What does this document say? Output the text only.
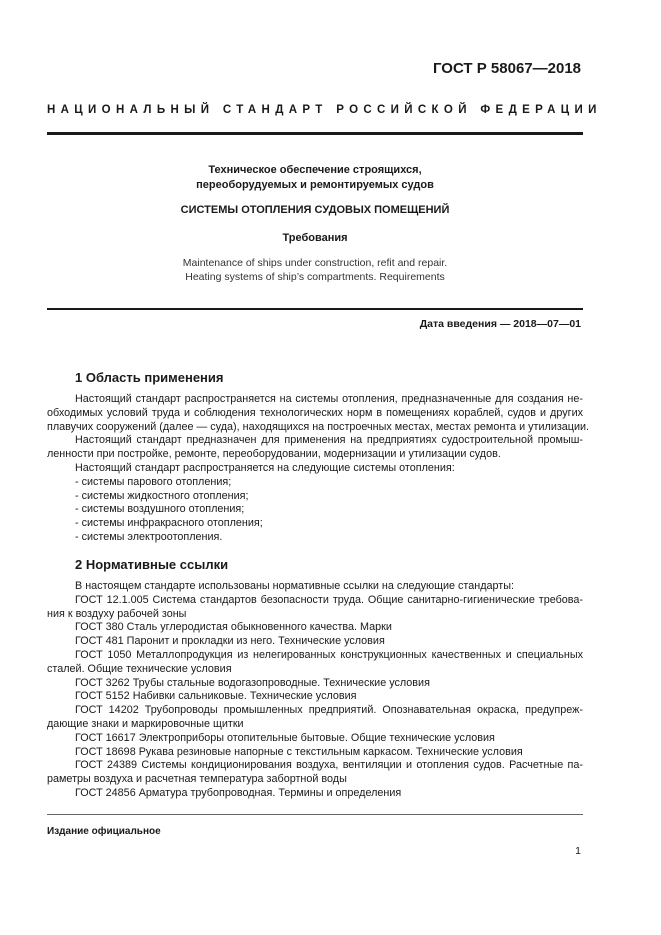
ГОСТ Р 58067—2018
НАЦИОНАЛЬНЫЙ СТАНДАРТ РОССИЙСКОЙ ФЕДЕРАЦИИ
Техническое обеспечение строящихся,
переоборудуемых и ремонтируемых судов
СИСТЕМЫ ОТОПЛЕНИЯ СУДОВЫХ ПОМЕЩЕНИЙ
Требования
Maintenance of ships under construction, refit and repair.
Heating systems of ship’s compartments. Requirements
Дата введения — 2018—07—01
1 Область применения
Настоящий стандарт распространяется на системы отопления, предназначенные для создания не-
обходимых условий труда и соблюдения технологических норм в помещениях кораблей, судов и других
плавучих сооружений (далее — суда), находящихся на построечных местах, местах ремонта и утилизации.
Настоящий стандарт предназначен для применения на предприятиях судостроительной промыш-
ленности при постройке, ремонте, переоборудовании, модернизации и утилизации судов.
Настоящий стандарт распространяется на следующие системы отопления:
- системы парового отопления;
- системы жидкостного отопления;
- системы воздушного отопления;
- системы инфракрасного отопления;
- системы электроотопления.
2 Нормативные ссылки
В настоящем стандарте использованы нормативные ссылки на следующие стандарты:
ГОСТ 12.1.005 Система стандартов безопасности труда. Общие санитарно-гигиенические требова-
ния к воздуху рабочей зоны
ГОСТ 380 Сталь углеродистая обыкновенного качества. Марки
ГОСТ 481 Паронит и прокладки из него. Технические условия
ГОСТ 1050 Металлопродукция из нелегированных конструкционных качественных и специальных
сталей. Общие технические условия
ГОСТ 3262 Трубы стальные водогазопроводные. Технические условия
ГОСТ 5152 Набивки сальниковые. Технические условия
ГОСТ 14202 Трубопроводы промышленных предприятий. Опознавательная окраска, предупреж-
дающие знаки и маркировочные щитки
ГОСТ 16617 Электроприборы отопительные бытовые. Общие технические условия
ГОСТ 18698 Рукава резиновые напорные с текстильным каркасом. Технические условия
ГОСТ 24389 Системы кондиционирования воздуха, вентиляции и отопления судов. Расчетные па-
раметры воздуха и расчетная температура забортной воды
ГОСТ 24856 Арматура трубопроводная. Термины и определения
Издание официальное
1
